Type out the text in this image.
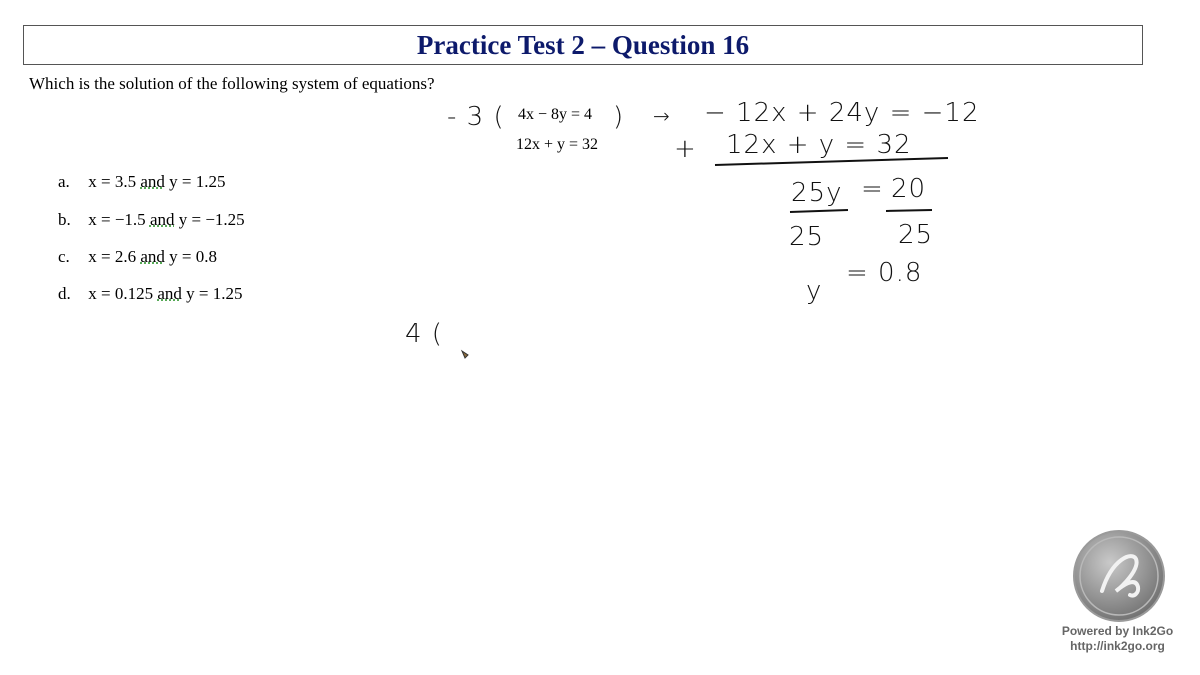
Practice Test 2 – Question 16
Which is the solution of the following system of equations?
4x − 8y = 4
12x + y = 32
a. x = 3.5 and y = 1.25
b. x = −1.5 and y = −1.25
c. x = 2.6 and y = 0.8
d. x = 0.125 and y = 1.25
- 3 (	) → − 12x + 24y = −12
+ 12x + y = 32
25y = 20
25	25
y
= 0.8
4 (
Powered by Ink2Go
http://ink2go.org
